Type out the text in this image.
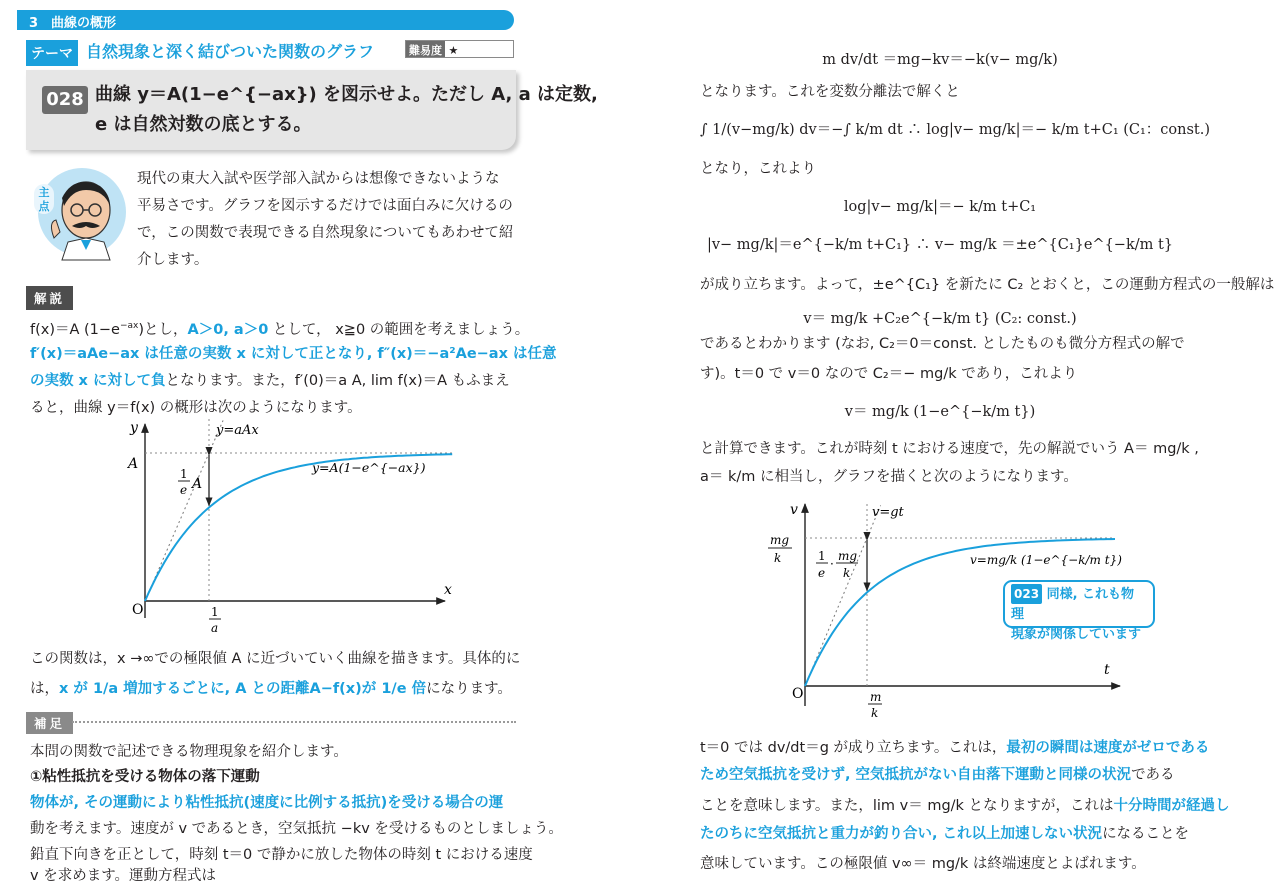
3　曲線の概形
テーマ 自然現象と深く結びついた関数のグラフ	難易度 ★
028 曲線 y＝A(1−e^{−ax}) を図示せよ。ただし A, a は定数,
e は自然対数の底とする。
主
点
現代の東大入試や医学部入試からは想像できないような
平易さです。グラフを図示するだけでは面白みに欠けるの
で，この関数で表現できる自然現象についてもあわせて紹
介します。
解説
f(x)＝A $(1-e^{-ax})$とし，A＞0, a＞0 として， x≧0 の範囲を考えましょう。
f′(x)＝aAe−ax は任意の実数 x に対して正となり, f″(x)＝−a²Ae−ax は任意
の実数 x に対して負となります。また，f′(0)＝a A, lim f(x)＝A もふまえ
ると，曲線 y＝f(x) の概形は次のようになります。
y
x
O
A
1
e A
1
a
y=aAx
y=A(1−e^{−ax})
この関数は，x →∞での極限値 A に近づいていく曲線を描きます。具体的に
は，x が 1/a 増加するごとに, A との距離A−f(x)が 1/e 倍になります。
補足
本問の関数で記述できる物理現象を紹介します。
①粘性抵抗を受ける物体の落下運動
物体が, その運動により粘性抵抗(速度に比例する抵抗)を受ける場合の運
動を考えます。速度が v であるとき，空気抵抗 −kv を受けるものとしましょう。
鉛直下向きを正として，時刻 t＝0 で静かに放した物体の時刻 t における速度
v を求めます。運動方程式は
m dv/dt ＝mg−kv＝−k(v− mg/k)
となります。これを変数分離法で解くと
∫ 1/(v−mg/k) dv＝−∫ k/m dt ∴ log|v− mg/k|＝− k/m t+C₁ (C₁：const.)
となり，これより
log|v− mg/k|＝− k/m t+C₁
|v− mg/k|＝e^{−k/m t+C₁} ∴ v− mg/k ＝±e^{C₁}e^{−k/m t}
が成り立ちます。よって，±e^{C₁} を新たに C₂ とおくと，この運動方程式の一般解は
v＝ mg/k +C₂e^{−k/m t} (C₂: const.)
であるとわかります (なお, C₂＝0＝const. としたものも微分方程式の解で
す)。t＝0 で v＝0 なので C₂＝− mg/k であり，これより
v＝ mg/k (1−e^{−k/m t})
と計算できます。これが時刻 t における速度で，先の解説でいう A＝ mg/k ,
a＝ k/m に相当し，グラフを描くと次のようになります。
v
t
O
mg
k	1
e
·
mg
k
m
k
v=gt
v=mg/k (1−e^{−k/m t})
023 同様, これも物理
現象が関係しています
t＝0 では dv/dt＝g が成り立ちます。これは，最初の瞬間は速度がゼロである
ため空気抵抗を受けず, 空気抵抗がない自由落下運動と同様の状況である
ことを意味します。また，lim v＝ mg/k となりますが，これは十分時間が経過し
たのちに空気抵抗と重力が釣り合い, これ以上加速しない状況になることを
意味しています。この極限値 v∞＝ mg/k は終端速度とよばれます。
